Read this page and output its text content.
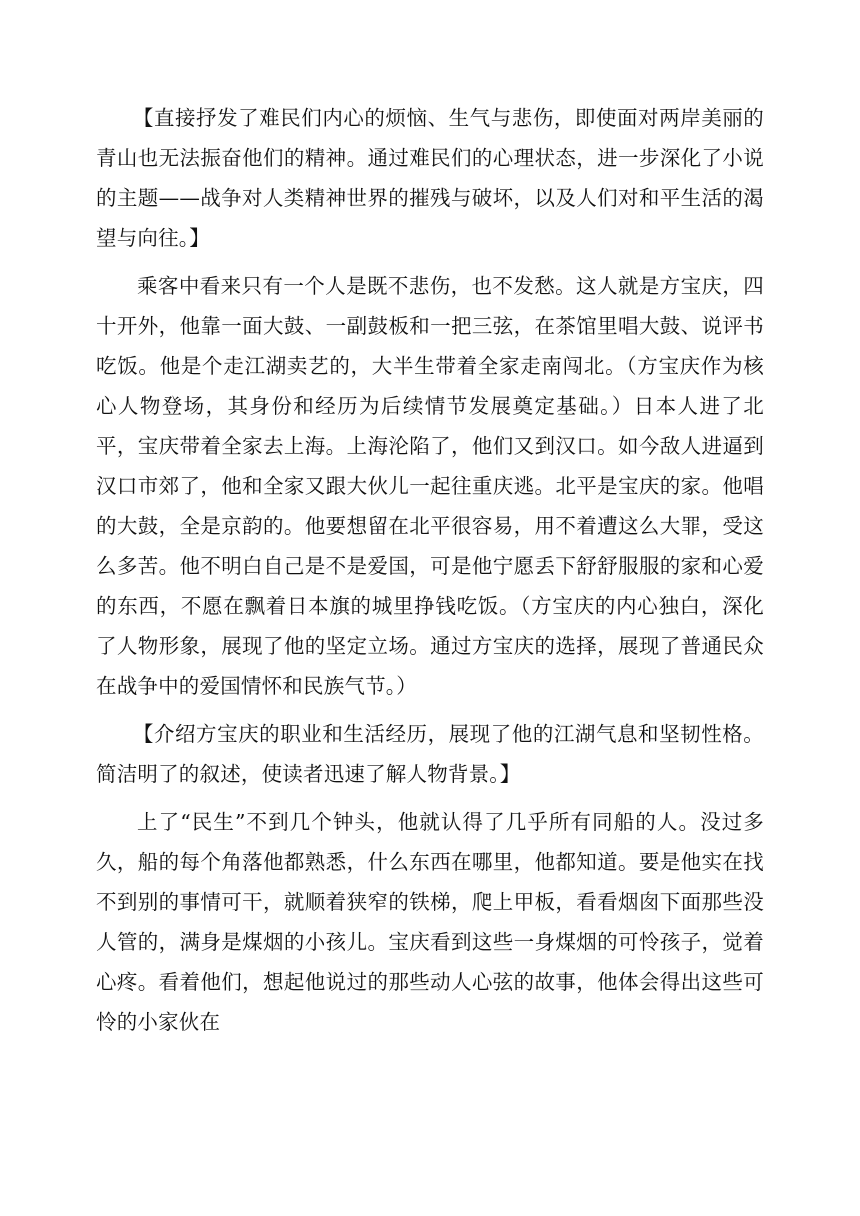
【直接抒发了难民们内心的烦恼、生气与悲伤，即使面对两岸美丽的青山也无法振奋他们的精神。通过难民们的心理状态，进一步深化了小说的主题——战争对人类精神世界的摧残与破坏，以及人们对和平生活的渴望与向往。】

乘客中看来只有一个人是既不悲伤，也不发愁。这人就是方宝庆，四十开外，他靠一面大鼓、一副鼓板和一把三弦，在茶馆里唱大鼓、说评书吃饭。他是个走江湖卖艺的，大半生带着全家走南闯北。（方宝庆作为核心人物登场，其身份和经历为后续情节发展奠定基础。）日本人进了北平，宝庆带着全家去上海。上海沦陷了，他们又到汉口。如今敌人进逼到汉口市郊了，他和全家又跟大伙儿一起往重庆逃。北平是宝庆的家。他唱的大鼓，全是京韵的。他要想留在北平很容易，用不着遭这么大罪，受这么多苦。他不明白自己是不是爱国，可是他宁愿丢下舒舒服服的家和心爱的东西，不愿在飘着日本旗的城里挣钱吃饭。（方宝庆的内心独白，深化了人物形象，展现了他的坚定立场。通过方宝庆的选择，展现了普通民众在战争中的爱国情怀和民族气节。）

【介绍方宝庆的职业和生活经历，展现了他的江湖气息和坚韧性格。简洁明了的叙述，使读者迅速了解人物背景。】

上了“民生”不到几个钟头，他就认得了几乎所有同船的人。没过多久，船的每个角落他都熟悉，什么东西在哪里，他都知道。要是他实在找不到别的事情可干，就顺着狭窄的铁梯，爬上甲板，看看烟囱下面那些没人管的，满身是煤烟的小孩儿。宝庆看到这些一身煤烟的可怜孩子，觉着心疼。看着他们，想起他说过的那些动人心弦的故事，他体会得出这些可怜的小家伙在
